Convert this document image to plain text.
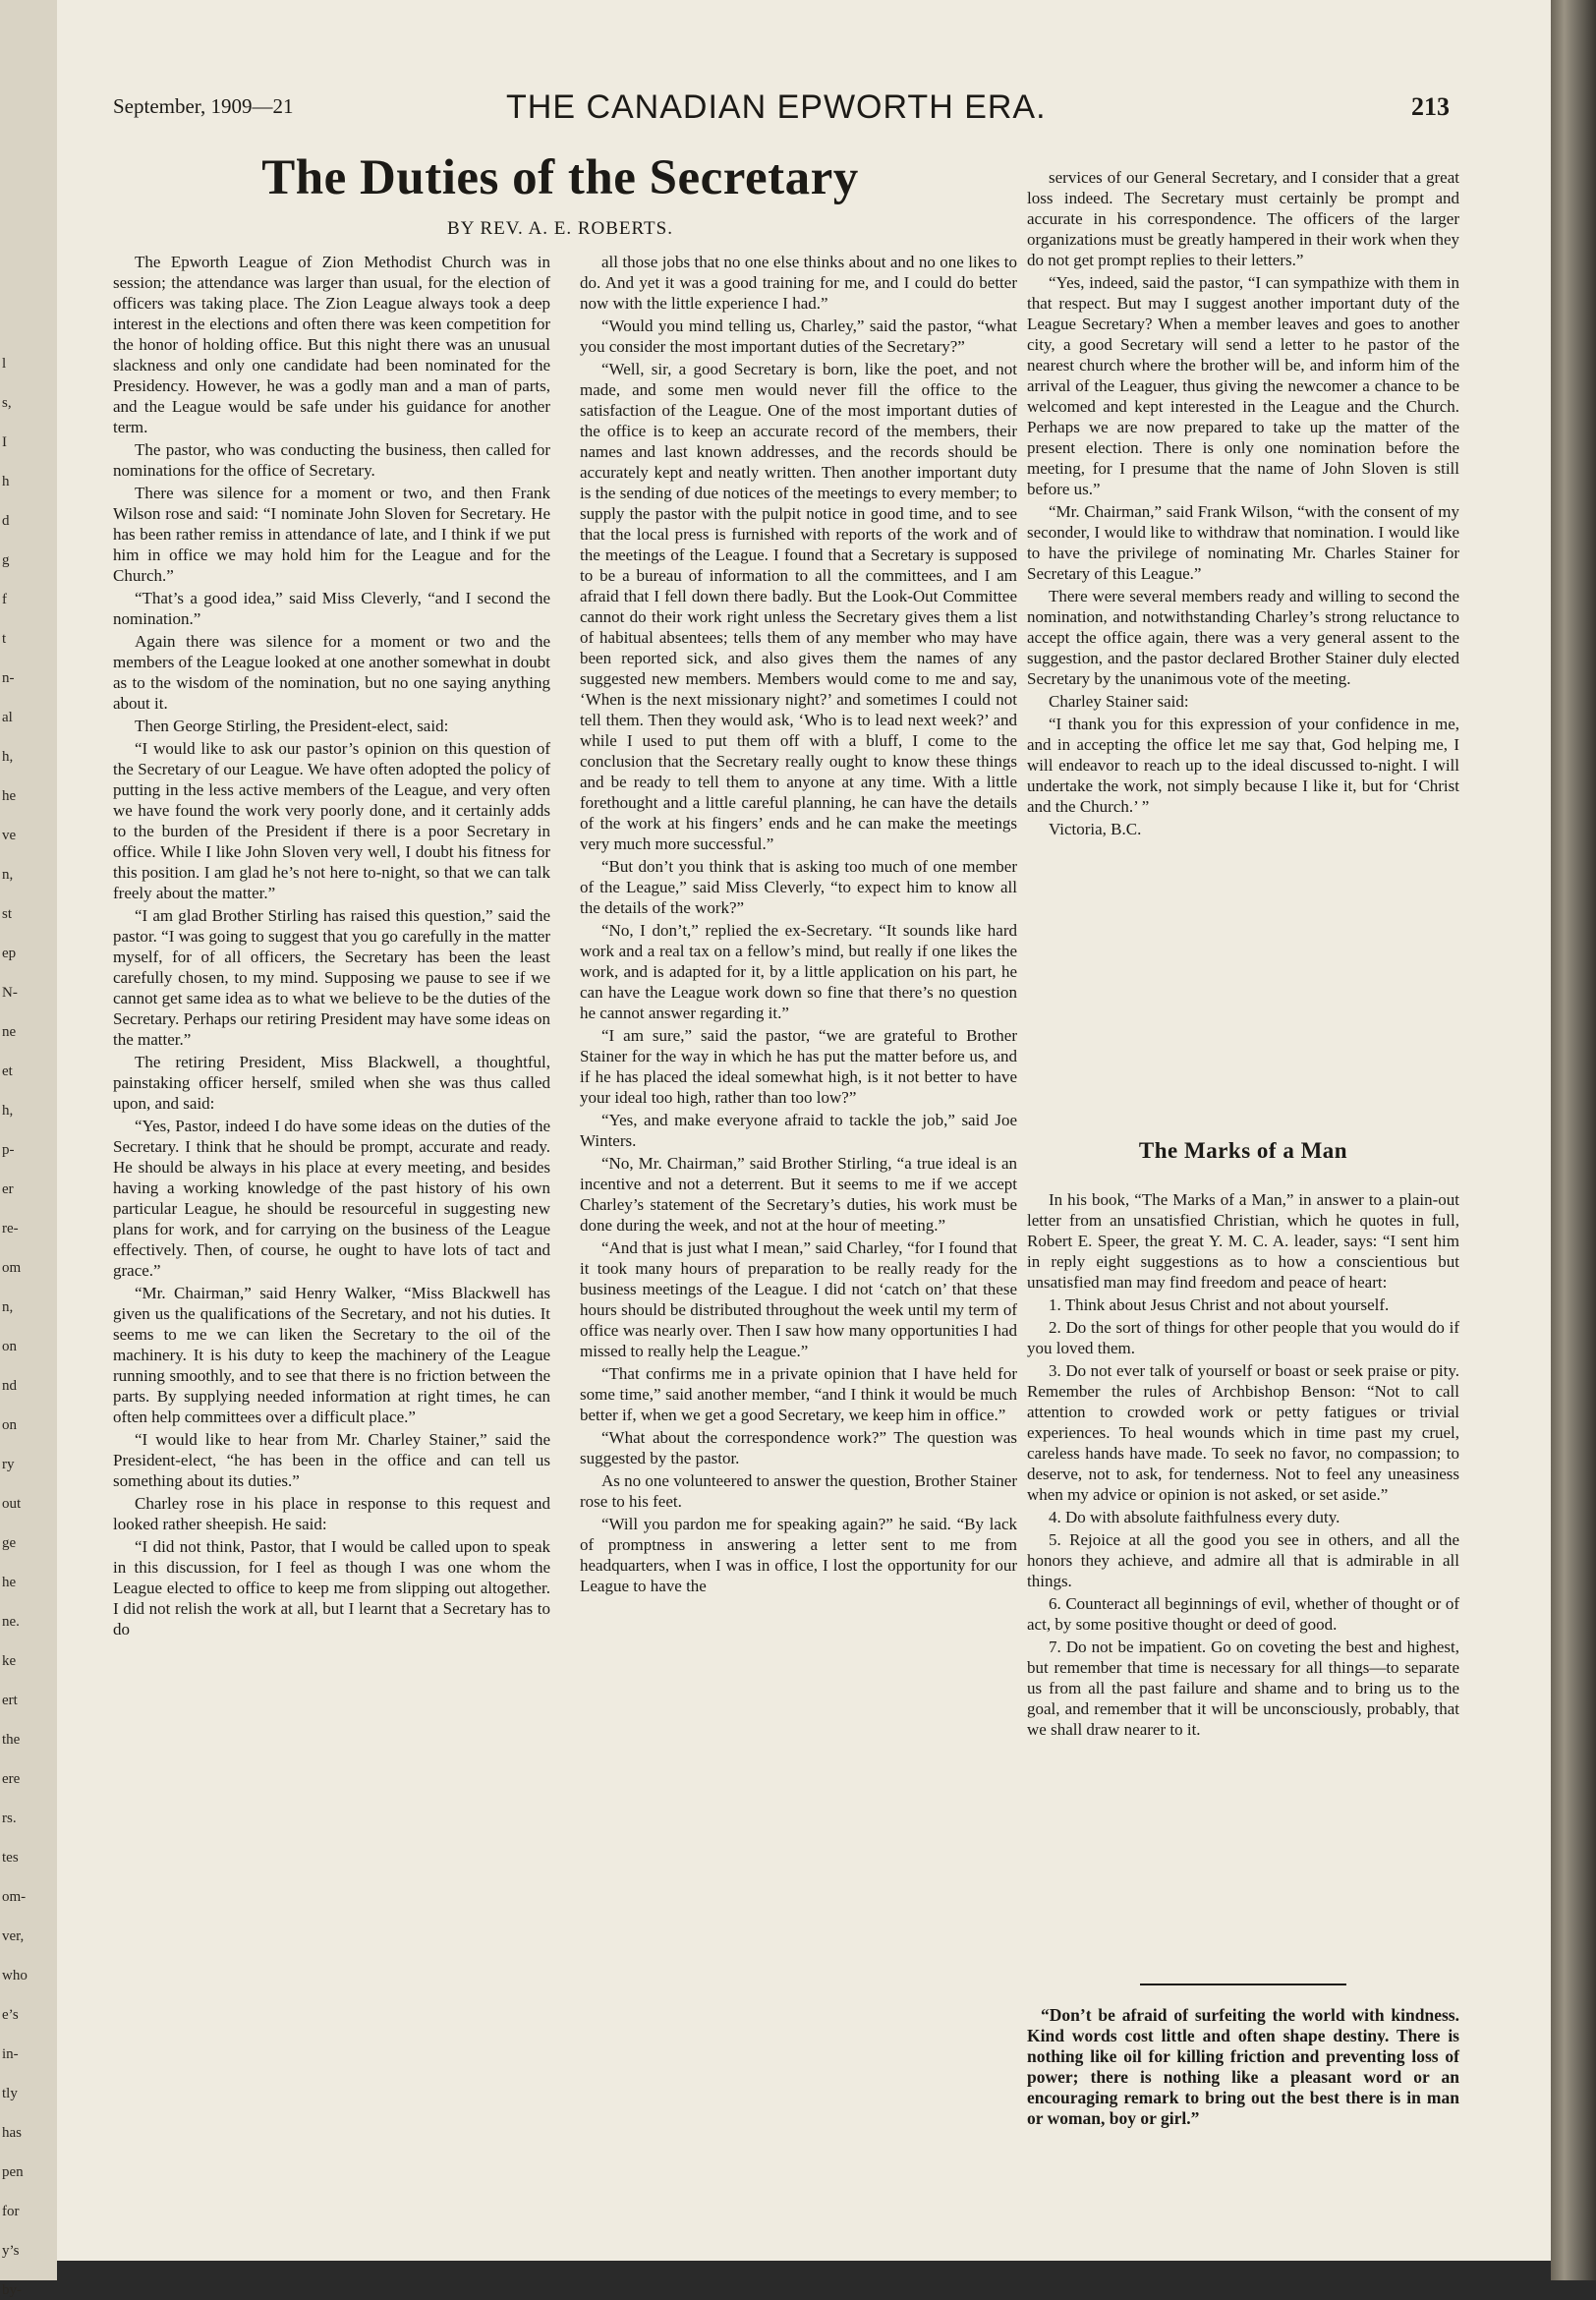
l
s,
I
h
d
g
f
t
n-
al
h,
he
ve
n,
st
ep
N-
ne
et
h,
p-
er
re-
om
n,
on
nd
on
ry
out
ge
he
ne.
ke
ert
the
ere
rs.
tes
om-
ver,
who
e’s
in-
tly
has
pen
for
y’s
by-
September, 1909—21	THE CANADIAN EPWORTH ERA.	213
The Duties of the Secretary
BY REV. A. E. ROBERTS.

The Epworth League of Zion Methodist Church was in session; the attendance was larger than usual, for the election of officers was taking place. The Zion League always took a deep interest in the elections and often there was keen competition for the honor of holding office. But this night there was an unusual slackness and only one candidate had been nominated for the Presidency. However, he was a godly man and a man of parts, and the League would be safe under his guidance for another term.

The pastor, who was conducting the business, then called for nominations for the office of Secretary.

There was silence for a moment or two, and then Frank Wilson rose and said: “I nominate John Sloven for Secretary. He has been rather remiss in attendance of late, and I think if we put him in office we may hold him for the League and for the Church.”

“That’s a good idea,” said Miss Cleverly, “and I second the nomination.”

Again there was silence for a moment or two and the members of the League looked at one another somewhat in doubt as to the wisdom of the nomination, but no one saying anything about it.

Then George Stirling, the President-elect, said:

“I would like to ask our pastor’s opinion on this question of the Secretary of our League. We have often adopted the policy of putting in the less active members of the League, and very often we have found the work very poorly done, and it certainly adds to the burden of the President if there is a poor Secretary in office. While I like John Sloven very well, I doubt his fitness for this position. I am glad he’s not here to-night, so that we can talk freely about the matter.”

“I am glad Brother Stirling has raised this question,” said the pastor. “I was going to suggest that you go carefully in the matter myself, for of all officers, the Secretary has been the least carefully chosen, to my mind. Supposing we pause to see if we cannot get same idea as to what we believe to be the duties of the Secretary. Perhaps our retiring President may have some ideas on the matter.”

The retiring President, Miss Blackwell, a thoughtful, painstaking officer herself, smiled when she was thus called upon, and said:

“Yes, Pastor, indeed I do have some ideas on the duties of the Secretary. I think that he should be prompt, accurate and ready. He should be always in his place at every meeting, and besides having a working knowledge of the past history of his own particular League, he should be resourceful in suggesting new plans for work, and for carrying on the business of the League effectively. Then, of course, he ought to have lots of tact and grace.”

“Mr. Chairman,” said Henry Walker, “Miss Blackwell has given us the qualifications of the Secretary, and not his duties. It seems to me we can liken the Secretary to the oil of the machinery. It is his duty to keep the machinery of the League running smoothly, and to see that there is no friction between the parts. By supplying needed information at right times, he can often help committees over a difficult place.”

“I would like to hear from Mr. Charley Stainer,” said the President-elect, “he has been in the office and can tell us something about its duties.”

Charley rose in his place in response to this request and looked rather sheepish. He said:

“I did not think, Pastor, that I would be called upon to speak in this discussion, for I feel as though I was one whom the League elected to office to keep me from slipping out altogether. I did not relish the work at all, but I learnt that a Secretary has to do

all those jobs that no one else thinks about and no one likes to do. And yet it was a good training for me, and I could do better now with the little experience I had.”

“Would you mind telling us, Charley,” said the pastor, “what you consider the most important duties of the Secretary?”

“Well, sir, a good Secretary is born, like the poet, and not made, and some men would never fill the office to the satisfaction of the League. One of the most important duties of the office is to keep an accurate record of the members, their names and last known addresses, and the records should be accurately kept and neatly written. Then another important duty is the sending of due notices of the meetings to every member; to supply the pastor with the pulpit notice in good time, and to see that the local press is furnished with reports of the work and of the meetings of the League. I found that a Secretary is supposed to be a bureau of information to all the committees, and I am afraid that I fell down there badly. But the Look-Out Committee cannot do their work right unless the Secretary gives them a list of habitual absentees; tells them of any member who may have been reported sick, and also gives them the names of any suggested new members. Members would come to me and say, ‘When is the next missionary night?’ and sometimes I could not tell them. Then they would ask, ‘Who is to lead next week?’ and while I used to put them off with a bluff, I come to the conclusion that the Secretary really ought to know these things and be ready to tell them to anyone at any time. With a little forethought and a little careful planning, he can have the details of the work at his fingers’ ends and he can make the meetings very much more successful.”

“But don’t you think that is asking too much of one member of the League,” said Miss Cleverly, “to expect him to know all the details of the work?”

“No, I don’t,” replied the ex-Secretary. “It sounds like hard work and a real tax on a fellow’s mind, but really if one likes the work, and is adapted for it, by a little application on his part, he can have the League work down so fine that there’s no question he cannot answer regarding it.”

“I am sure,” said the pastor, “we are grateful to Brother Stainer for the way in which he has put the matter before us, and if he has placed the ideal somewhat high, is it not better to have your ideal too high, rather than too low?”

“Yes, and make everyone afraid to tackle the job,” said Joe Winters.

“No, Mr. Chairman,” said Brother Stirling, “a true ideal is an incentive and not a deterrent. But it seems to me if we accept Charley’s statement of the Secretary’s duties, his work must be done during the week, and not at the hour of meeting.”

“And that is just what I mean,” said Charley, “for I found that it took many hours of preparation to be really ready for the business meetings of the League. I did not ‘catch on’ that these hours should be distributed throughout the week until my term of office was nearly over. Then I saw how many opportunities I had missed to really help the League.”

“That confirms me in a private opinion that I have held for some time,” said another member, “and I think it would be much better if, when we get a good Secretary, we keep him in office.”

“What about the correspondence work?” The question was suggested by the pastor.

As no one volunteered to answer the question, Brother Stainer rose to his feet.

“Will you pardon me for speaking again?” he said. “By lack of promptness in answering a letter sent to me from headquarters, when I was in office, I lost the opportunity for our League to have the

services of our General Secretary, and I consider that a great loss indeed. The Secretary must certainly be prompt and accurate in his correspondence. The officers of the larger organizations must be greatly hampered in their work when they do not get prompt replies to their letters.”

“Yes, indeed, said the pastor, “I can sympathize with them in that respect. But may I suggest another important duty of the League Secretary? When a member leaves and goes to another city, a good Secretary will send a letter to he pastor of the nearest church where the brother will be, and inform him of the arrival of the Leaguer, thus giving the newcomer a chance to be welcomed and kept interested in the League and the Church. Perhaps we are now prepared to take up the matter of the present election. There is only one nomination before the meeting, for I presume that the name of John Sloven is still before us.”

“Mr. Chairman,” said Frank Wilson, “with the consent of my seconder, I would like to withdraw that nomination. I would like to have the privilege of nominating Mr. Charles Stainer for Secretary of this League.”

There were several members ready and willing to second the nomination, and notwithstanding Charley’s strong reluctance to accept the office again, there was a very general assent to the suggestion, and the pastor declared Brother Stainer duly elected Secretary by the unanimous vote of the meeting.

Charley Stainer said:

“I thank you for this expression of your confidence in me, and in accepting the office let me say that, God helping me, I will endeavor to reach up to the ideal discussed to-night. I will undertake the work, not simply because I like it, but for ‘Christ and the Church.’ ”

Victoria, B.C.

The Marks of a Man

In his book, “The Marks of a Man,” in answer to a plain-out letter from an unsatisfied Christian, which he quotes in full, Robert E. Speer, the great Y. M. C. A. leader, says: “I sent him in reply eight suggestions as to how a conscientious but unsatisfied man may find freedom and peace of heart:

1. Think about Jesus Christ and not about yourself.

2. Do the sort of things for other people that you would do if you loved them.

3. Do not ever talk of yourself or boast or seek praise or pity. Remember the rules of Archbishop Benson: “Not to call attention to crowded work or petty fatigues or trivial experiences. To heal wounds which in time past my cruel, careless hands have made. To seek no favor, no compassion; to deserve, not to ask, for tenderness. Not to feel any uneasiness when my advice or opinion is not asked, or set aside.”

4. Do with absolute faithfulness every duty.

5. Rejoice at all the good you see in others, and all the honors they achieve, and admire all that is admirable in all things.

6. Counteract all beginnings of evil, whether of thought or of act, by some positive thought or deed of good.

7. Do not be impatient. Go on coveting the best and highest, but remember that time is necessary for all things—to separate us from all the past failure and shame and to bring us to the goal, and remember that it will be unconsciously, probably, that we shall draw nearer to it.

“Don’t be afraid of surfeiting the world with kindness. Kind words cost little and often shape destiny. There is nothing like oil for killing friction and preventing loss of power; there is nothing like a pleasant word or an encouraging remark to bring out the best there is in man or woman, boy or girl.”
